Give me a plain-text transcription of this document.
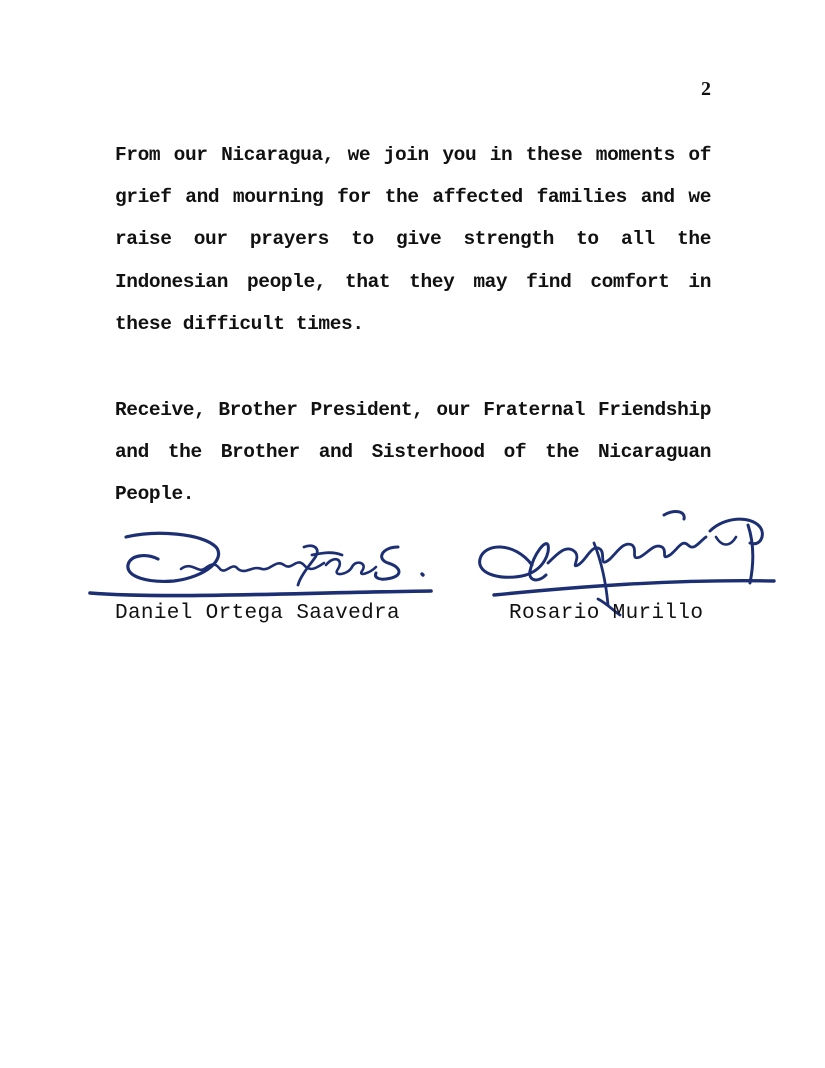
2

From our Nicaragua, we join you in these moments of grief and mourning for the affected families and we raise our prayers to give strength to all the Indonesian people, that they may find comfort in these difficult times.

Receive, Brother President, our Fraternal Friendship and the Brother and Sisterhood of the Nicaraguan People.

Daniel Ortega Saavedra	Rosario Murillo
